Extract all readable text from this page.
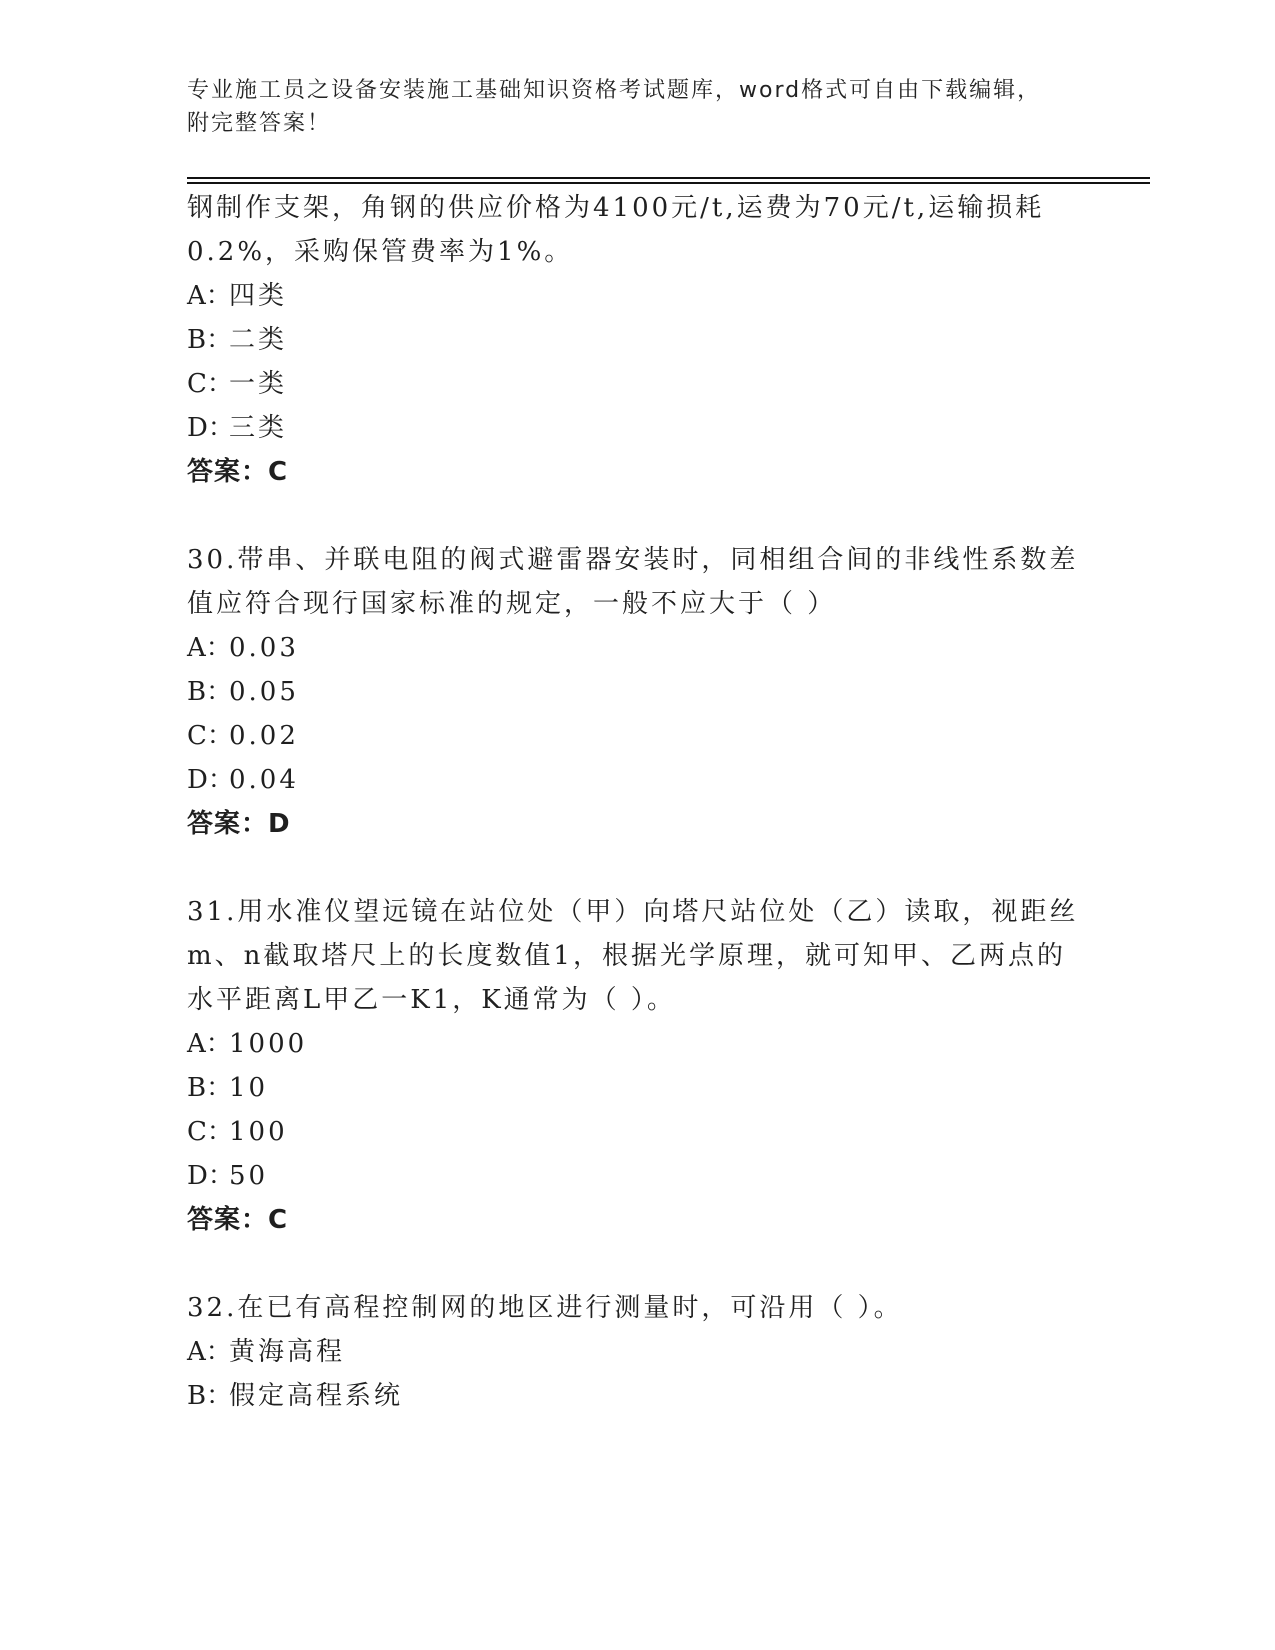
专业施工员之设备安装施工基础知识资格考试题库，word格式可自由下载编辑，
附完整答案！
钢制作支架，角钢的供应价格为4100元/t,运费为70元/t,运输损耗
0.2%，采购保管费率为1%。
A：四类
B：二类
C：一类
D：三类
答案：C
30.带串、并联电阻的阀式避雷器安装时，同相组合间的非线性系数差
值应符合现行国家标准的规定，一般不应大于（ ）
A：0.03
B：0.05
C：0.02
D：0.04
答案：D
31.用水准仪望远镜在站位处（甲）向塔尺站位处（乙）读取，视距丝
m、n截取塔尺上的长度数值1，根据光学原理，就可知甲、乙两点的
水平距离L甲乙一K1，K通常为（ ）。
A：1000
B：10
C：100
D：50
答案：C
32.在已有高程控制网的地区进行测量时，可沿用（ ）。
A：黄海高程
B：假定高程系统
